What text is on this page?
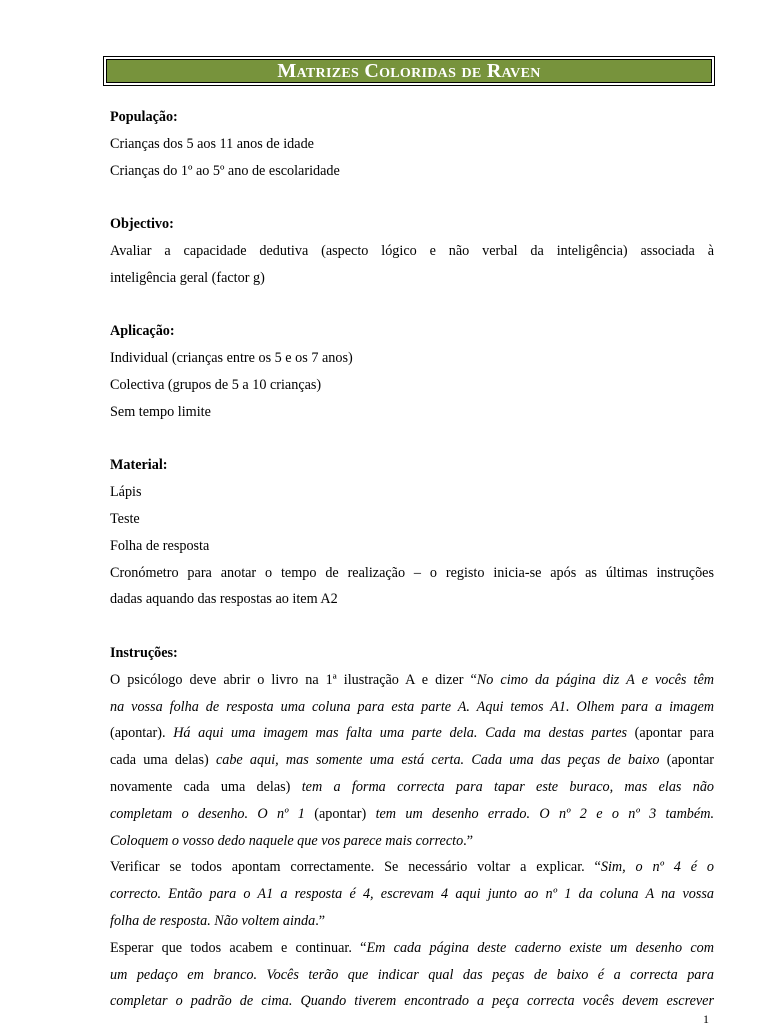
Matrizes Coloridas de Raven
População:
Crianças dos 5 aos 11 anos de idade
Crianças do 1º ao 5º ano de escolaridade
Objectivo:
Avaliar a capacidade dedutiva (aspecto lógico e não verbal da inteligência) associada à
inteligência geral (factor g)
Aplicação:
Individual (crianças entre os 5 e os 7 anos)
Colectiva (grupos de 5 a 10 crianças)
Sem tempo limite
Material:
Lápis
Teste
Folha de resposta
Cronómetro para anotar o tempo de realização – o registo inicia-se após as últimas instruções
dadas aquando das respostas ao item A2
Instruções:
O psicólogo deve abrir o livro na 1ª ilustração A e dizer “No cimo da página diz A e vocês têm
na vossa folha de resposta uma coluna para esta parte A. Aqui temos A1. Olhem para a imagem
(apontar). Há aqui uma imagem mas falta uma parte dela. Cada ma destas partes (apontar para
cada uma delas) cabe aqui, mas somente uma está certa. Cada uma das peças de baixo (apontar
novamente cada uma delas) tem a forma correcta para tapar este buraco, mas elas não
completam o desenho. O nº 1 (apontar) tem um desenho errado. O nº 2 e o nº 3 também.
Coloquem o vosso dedo naquele que vos parece mais correcto.”
Verificar se todos apontam correctamente. Se necessário voltar a explicar. “Sim, o nº 4 é o
correcto. Então para o A1 a resposta é 4, escrevam 4 aqui junto ao nº 1 da coluna A na vossa
folha de resposta. Não voltem ainda.”
Esperar que todos acabem e continuar. “Em cada página deste caderno existe um desenho com
um pedaço em branco. Vocês terão que indicar qual das peças de baixo é a correcta para
completar o padrão de cima. Quando tiverem encontrado a peça correcta vocês devem escrever
1
